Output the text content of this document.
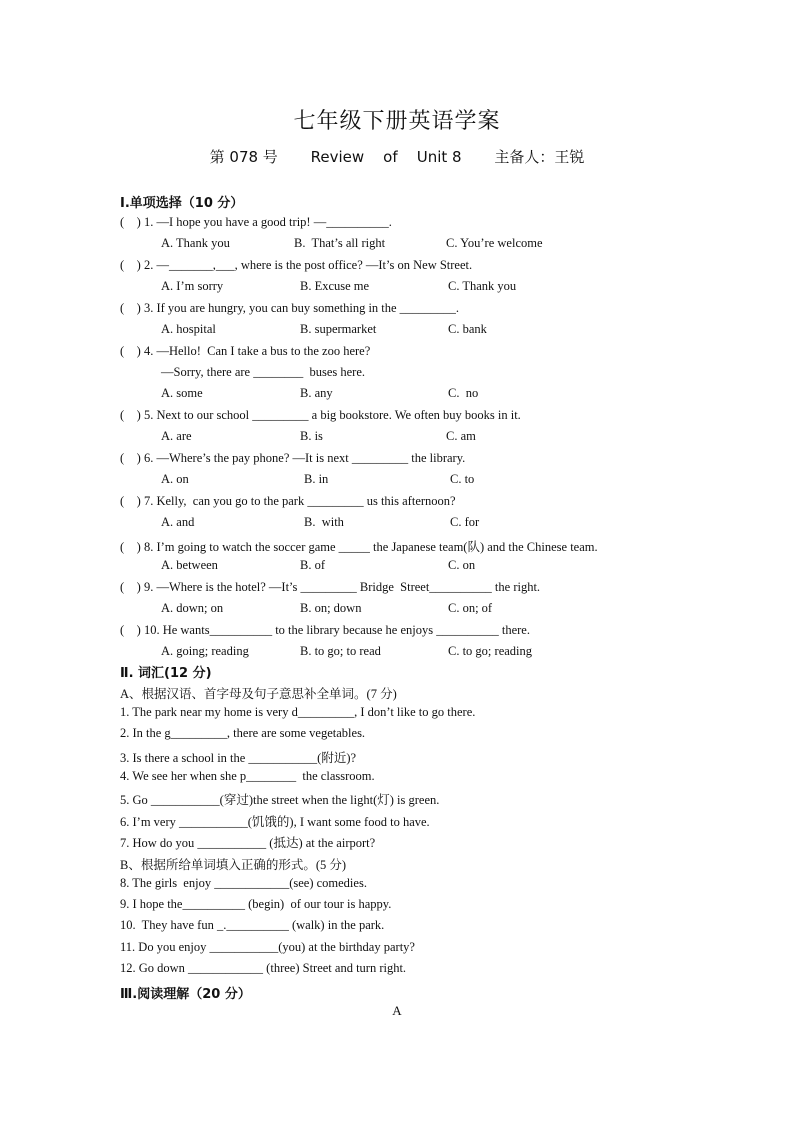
七年级下册英语学案
第 078 号 Review    of    Unit 8 主备人：王锐
Ⅰ.单项选择（10 分）
(    ) 1. —I hope you have a good trip! —__________.
A. Thank you	B.  That’s all right	C. You’re welcome
(    ) 2. —_______,___, where is the post office? —It’s on New Street.
A. I’m sorry	B. Excuse me	C. Thank you
(    ) 3. If you are hungry, you can buy something in the _________.
A. hospital	B. supermarket	C. bank
(    ) 4. —Hello!  Can I take a bus to the zoo here?
—Sorry, there are ________  buses here.
A. some	B. any	C.  no
(    ) 5. Next to our school _________ a big bookstore. We often buy books in it.
A. are	B. is	C. am
(    ) 6. —Where’s the pay phone? —It is next _________ the library.
A. on	B. in	C. to
(    ) 7. Kelly,  can you go to the park _________ us this afternoon?
A. and	B.  with	C. for
(    ) 8. I’m going to watch the soccer game _____ the Japanese team(队) and the Chinese team.
A. between	B. of	C. on
(    ) 9. —Where is the hotel? —It’s _________ Bridge  Street__________ the right.
A. down; on	B. on; down	C. on; of
(    ) 10. He wants__________ to the library because he enjoys __________ there.
A. going; reading	B. to go; to read	C. to go; reading
Ⅱ. 词汇(12 分)
A、根据汉语、首字母及句子意思补全单词。(7 分)
1. The park near my home is very d_________, I don’t like to go there.
2. In the g_________, there are some vegetables.
3. Is there a school in the ___________(附近)?
4. We see her when she p________  the classroom.
5. Go ___________(穿过)the street when the light(灯) is green.
6. I’m very ___________(饥饿的), I want some food to have.
7. How do you ___________ (抵达) at the airport?
B、根据所给单词填入正确的形式。(5 分)
8. The girls  enjoy ____________(see) comedies.
9. I hope the__________ (begin)  of our tour is happy.
10.  They have fun _.__________ (walk) in the park.
11. Do you enjoy ___________(you) at the birthday party?
12. Go down ____________ (three) Street and turn right.
Ⅲ.阅读理解（20 分）
A
